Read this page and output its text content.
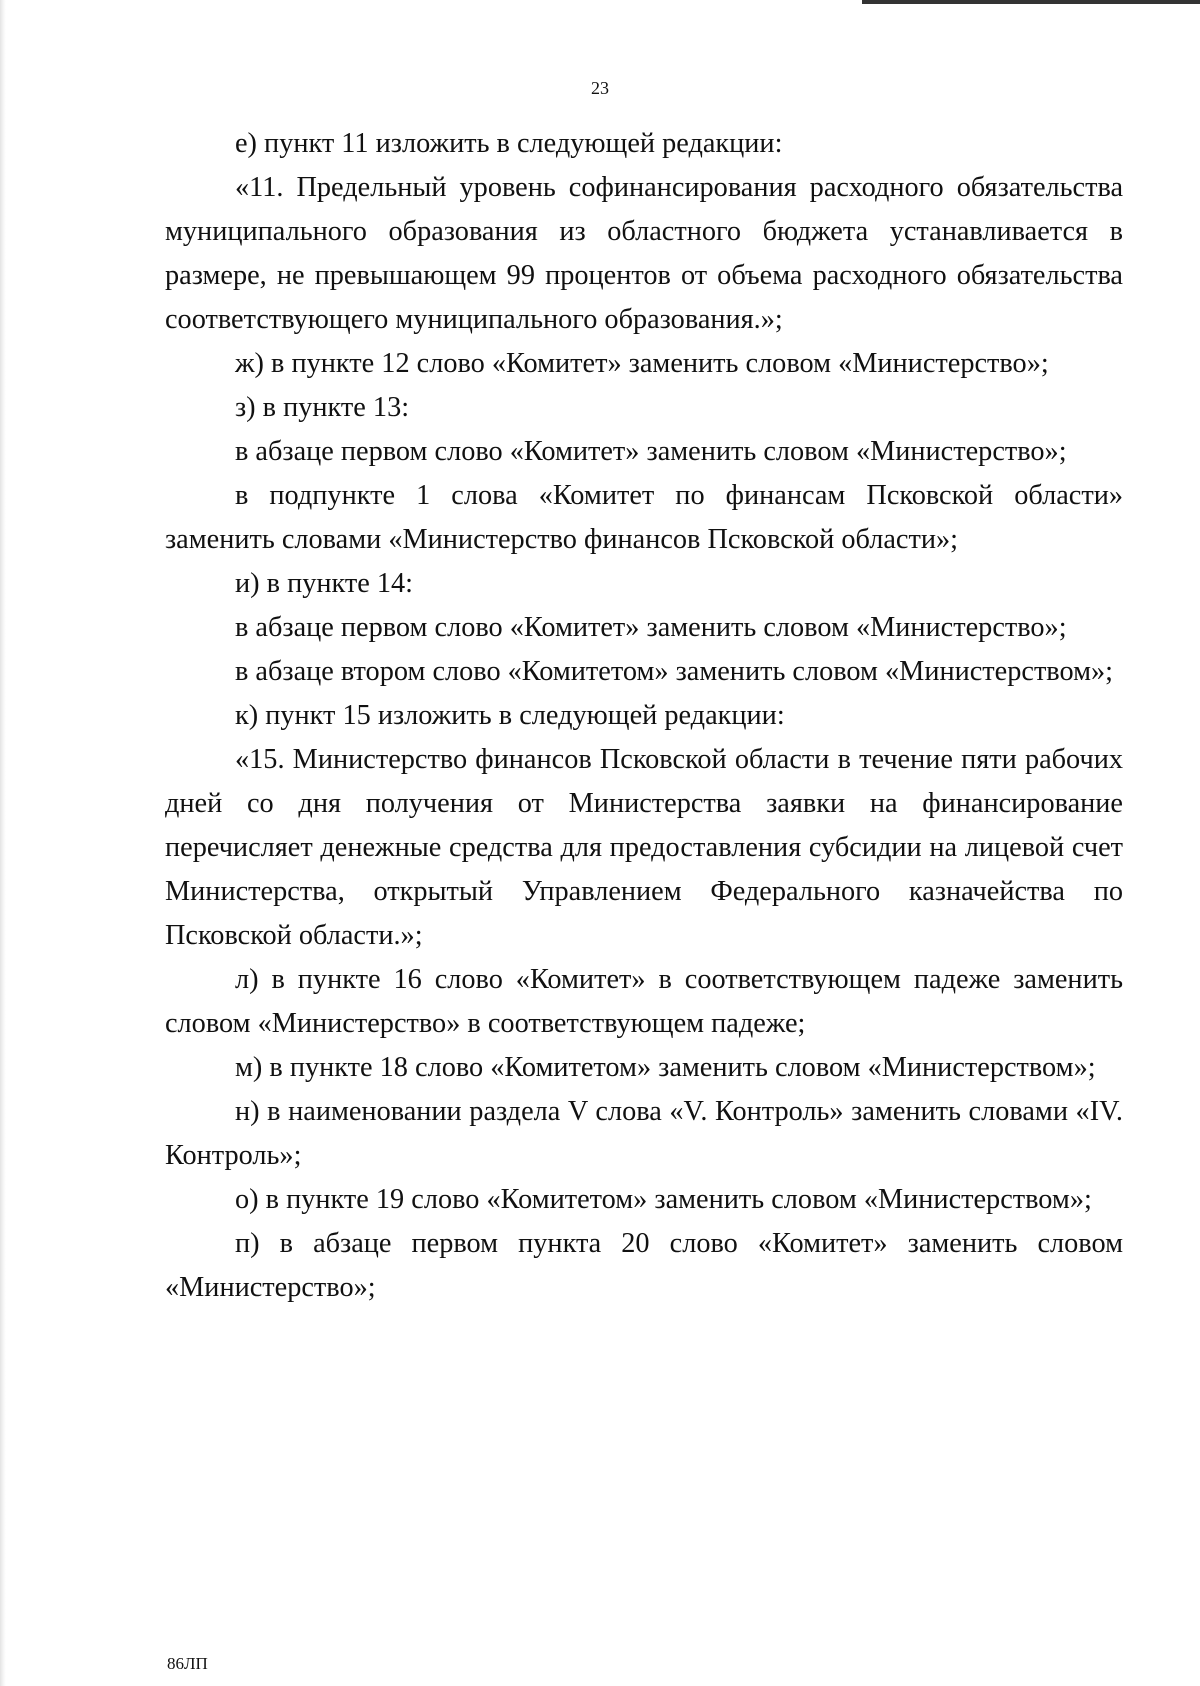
23

е) пункт 11 изложить в следующей редакции:

«11. Предельный уровень софинансирования расходного обязательства муниципального образования из областного бюджета устанавливается в размере, не превышающем 99 процентов от объема расходного обязательства соответствующего муниципального образования.»;

ж) в пункте 12 слово «Комитет» заменить словом «Министерство»;

з) в пункте 13:

в абзаце первом слово «Комитет» заменить словом «Министерство»;

в подпункте 1 слова «Комитет по финансам Псковской области» заменить словами «Министерство финансов Псковской области»;

и) в пункте 14:

в абзаце первом слово «Комитет» заменить словом «Министерство»;

в абзаце втором слово «Комитетом» заменить словом «Министерством»;

к) пункт 15 изложить в следующей редакции:

«15. Министерство финансов Псковской области в течение пяти рабочих дней со дня получения от Министерства заявки на финансирование перечисляет денежные средства для предоставления субсидии на лицевой счет Министерства, открытый Управлением Федерального казначейства по Псковской области.»;

л) в пункте 16 слово «Комитет» в соответствующем падеже заменить словом «Министерство» в соответствующем падеже;

м) в пункте 18 слово «Комитетом» заменить словом «Министерством»;

н) в наименовании раздела V слова «V. Контроль» заменить словами «IV. Контроль»;

о) в пункте 19 слово «Комитетом» заменить словом «Министерством»;

п) в абзаце первом пункта 20 слово «Комитет» заменить словом «Министерство»;

86ЛП
